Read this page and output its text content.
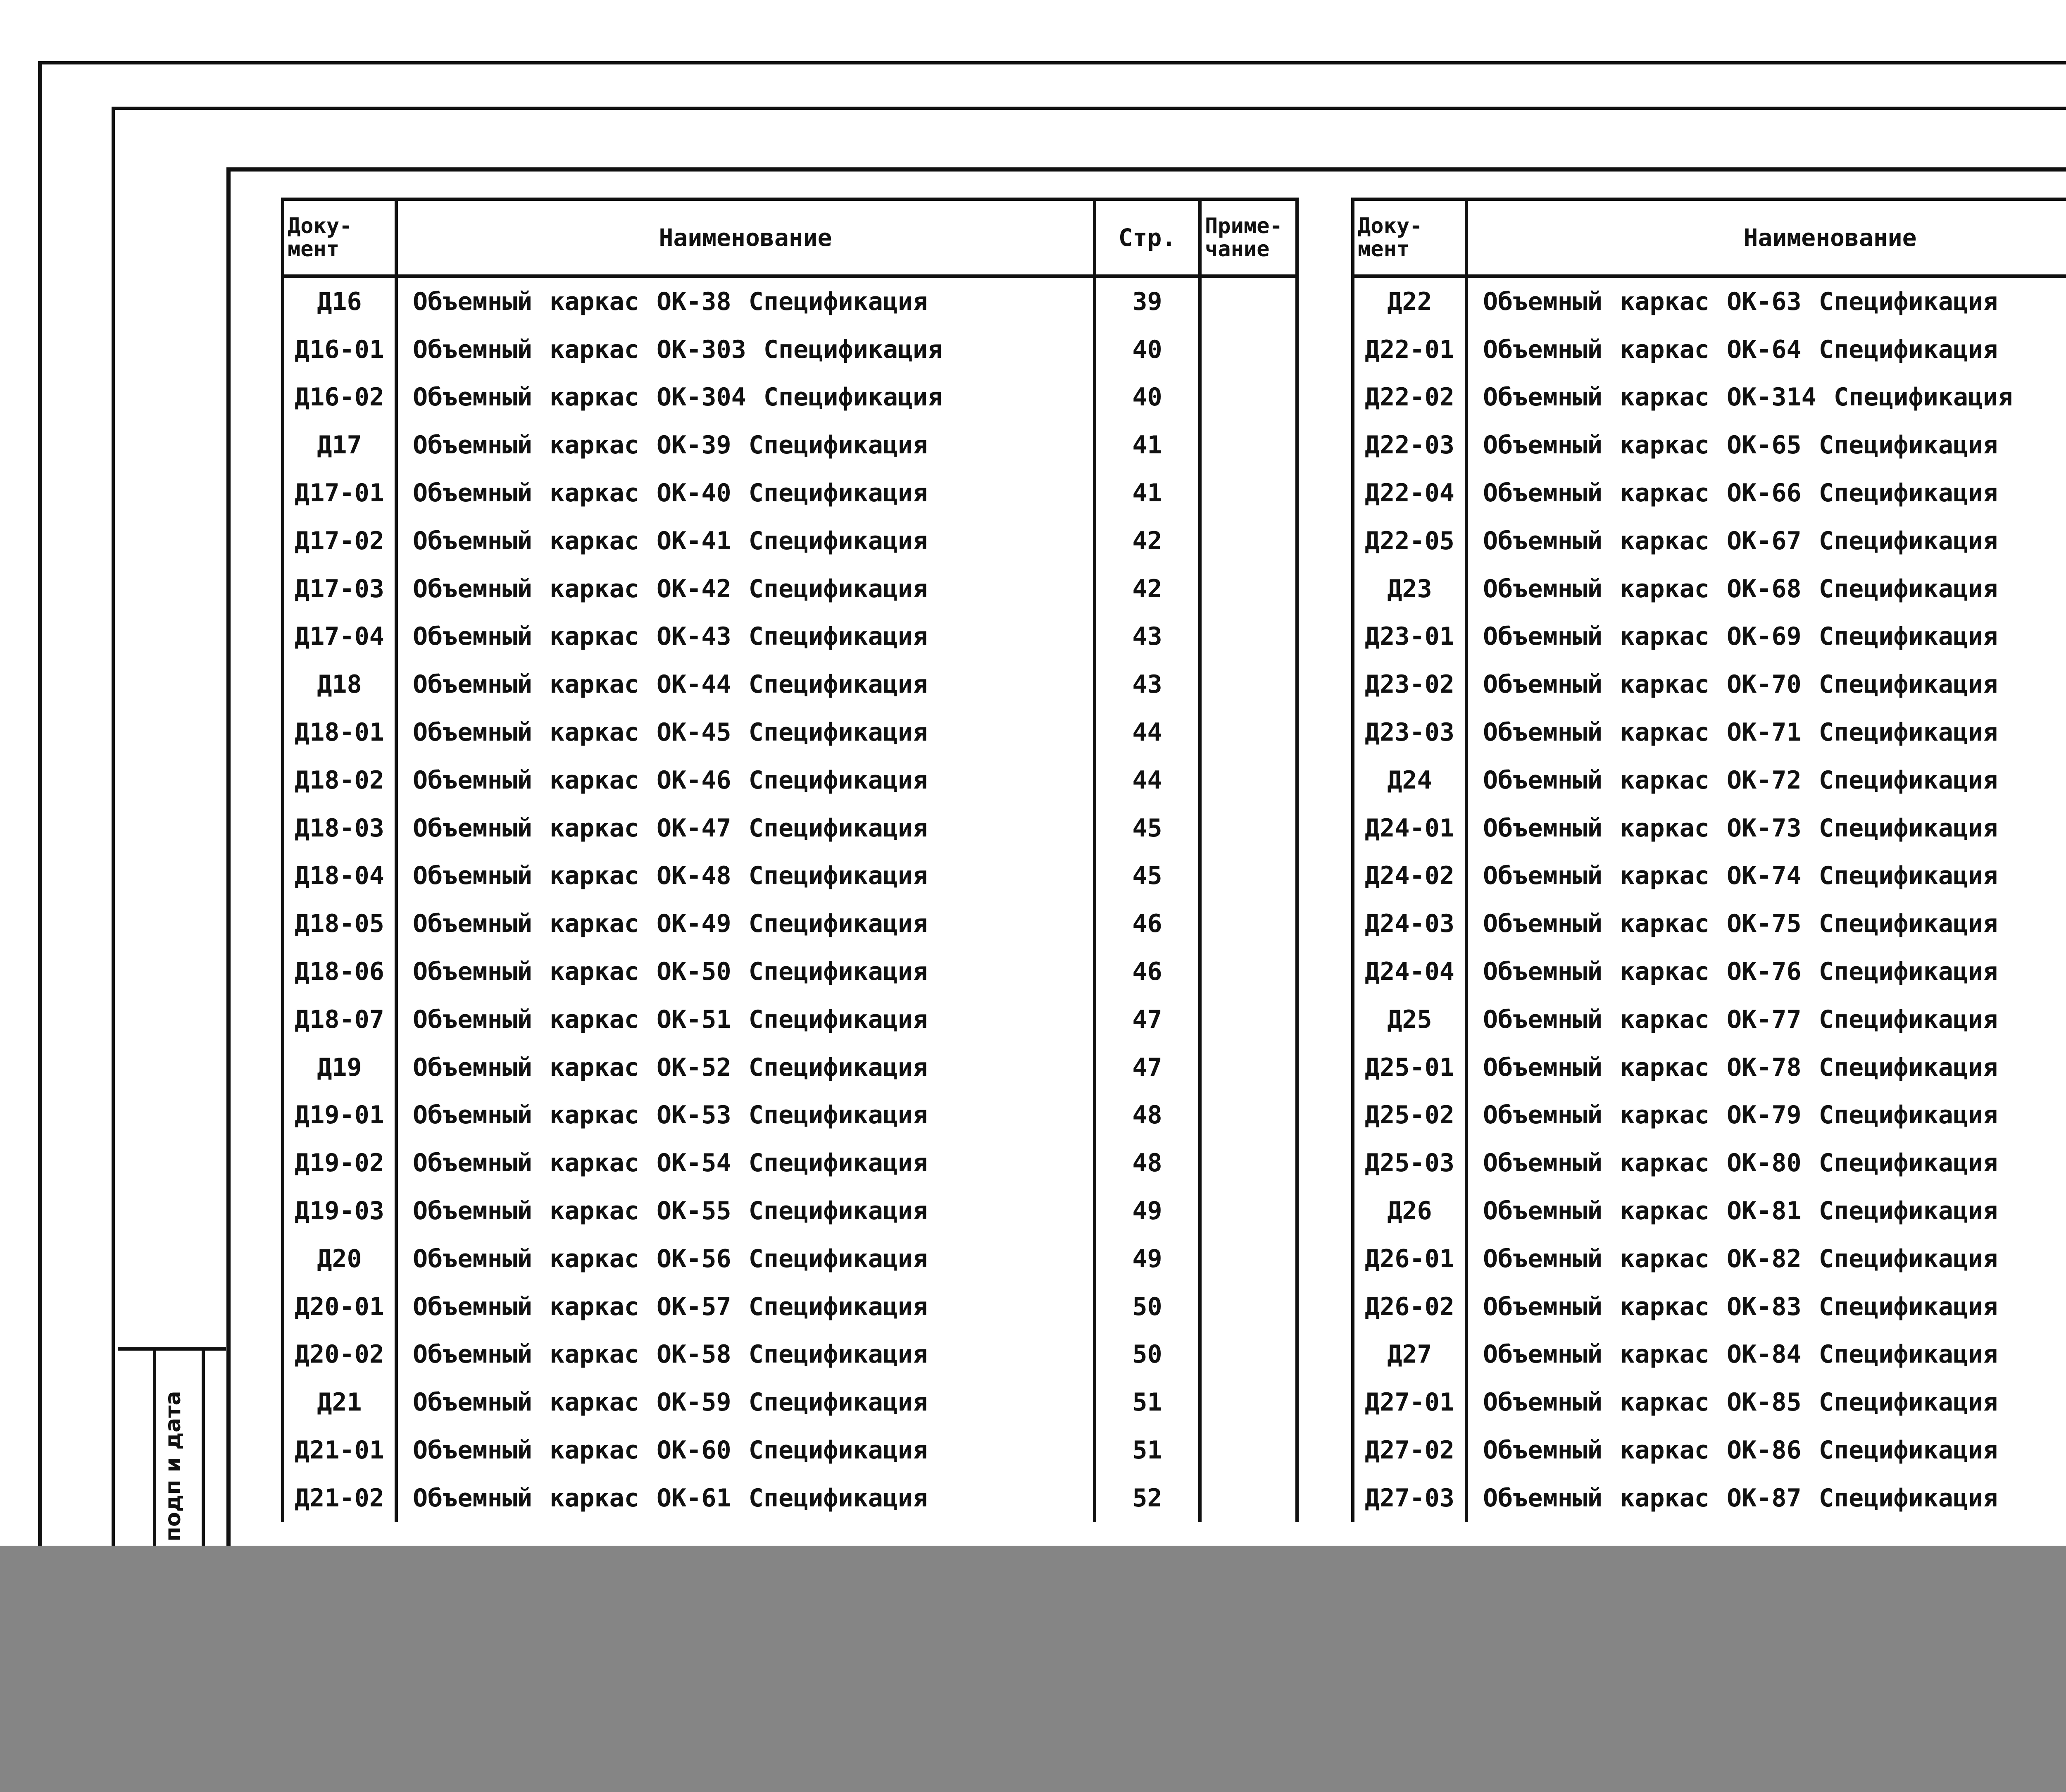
Доку-мент	Наименование	Стр.	Приме-чание
Д16	Объемный каркас ОК-38 Спецификация	39	
Д16-01	Объемный каркас ОК-303 Спецификация	40	
Д16-02	Объемный каркас ОК-304 Спецификация	40	
Д17	Объемный каркас ОК-39 Спецификация	41	
Д17-01	Объемный каркас ОК-40 Спецификация	41	
Д17-02	Объемный каркас ОК-41 Спецификация	42	
Д17-03	Объемный каркас ОК-42 Спецификация	42	
Д17-04	Объемный каркас ОК-43 Спецификация	43	
Д18	Объемный каркас ОК-44 Спецификация	43	
Д18-01	Объемный каркас ОК-45 Спецификация	44	
Д18-02	Объемный каркас ОК-46 Спецификация	44	
Д18-03	Объемный каркас ОК-47 Спецификация	45	
Д18-04	Объемный каркас ОК-48 Спецификация	45	
Д18-05	Объемный каркас ОК-49 Спецификация	46	
Д18-06	Объемный каркас ОК-50 Спецификация	46	
Д18-07	Объемный каркас ОК-51 Спецификация	47	
Д19	Объемный каркас ОК-52 Спецификация	47	
Д19-01	Объемный каркас ОК-53 Спецификация	48	
Д19-02	Объемный каркас ОК-54 Спецификация	48	
Д19-03	Объемный каркас ОК-55 Спецификация	49	
Д20	Объемный каркас ОК-56 Спецификация	49	
Д20-01	Объемный каркас ОК-57 Спецификация	50	
Д20-02	Объемный каркас ОК-58 Спецификация	50	
Д21	Объемный каркас ОК-59 Спецификация	51	
Д21-01	Объемный каркас ОК-60 Спецификация	51	
Д21-02	Объемный каркас ОК-61 Спецификация	52	
Доку-мент	Наименование		
Д22	Объемный каркас ОК-63 Спецификация		
Д22-01	Объемный каркас ОК-64 Спецификация		
Д22-02	Объемный каркас ОК-314 Спецификация		
Д22-03	Объемный каркас ОК-65 Спецификация		
Д22-04	Объемный каркас ОК-66 Спецификация		
Д22-05	Объемный каркас ОК-67 Спецификация		
Д23	Объемный каркас ОК-68 Спецификация		
Д23-01	Объемный каркас ОК-69 Спецификация		
Д23-02	Объемный каркас ОК-70 Спецификация		
Д23-03	Объемный каркас ОК-71 Спецификация		
Д24	Объемный каркас ОК-72 Спецификация		
Д24-01	Объемный каркас ОК-73 Спецификация		
Д24-02	Объемный каркас ОК-74 Спецификация		
Д24-03	Объемный каркас ОК-75 Спецификация		
Д24-04	Объемный каркас ОК-76 Спецификация		
Д25	Объемный каркас ОК-77 Спецификация		
Д25-01	Объемный каркас ОК-78 Спецификация		
Д25-02	Объемный каркас ОК-79 Спецификация		
Д25-03	Объемный каркас ОК-80 Спецификация		
Д26	Объемный каркас ОК-81 Спецификация		
Д26-01	Объемный каркас ОК-82 Спецификация		
Д26-02	Объемный каркас ОК-83 Спецификация		
Д27	Объемный каркас ОК-84 Спецификация		
Д27-01	Объемный каркас ОК-85 Спецификация		
Д27-02	Объемный каркас ОК-86 Спецификация		
Д27-03	Объемный каркас ОК-87 Спецификация		
подп и дата
